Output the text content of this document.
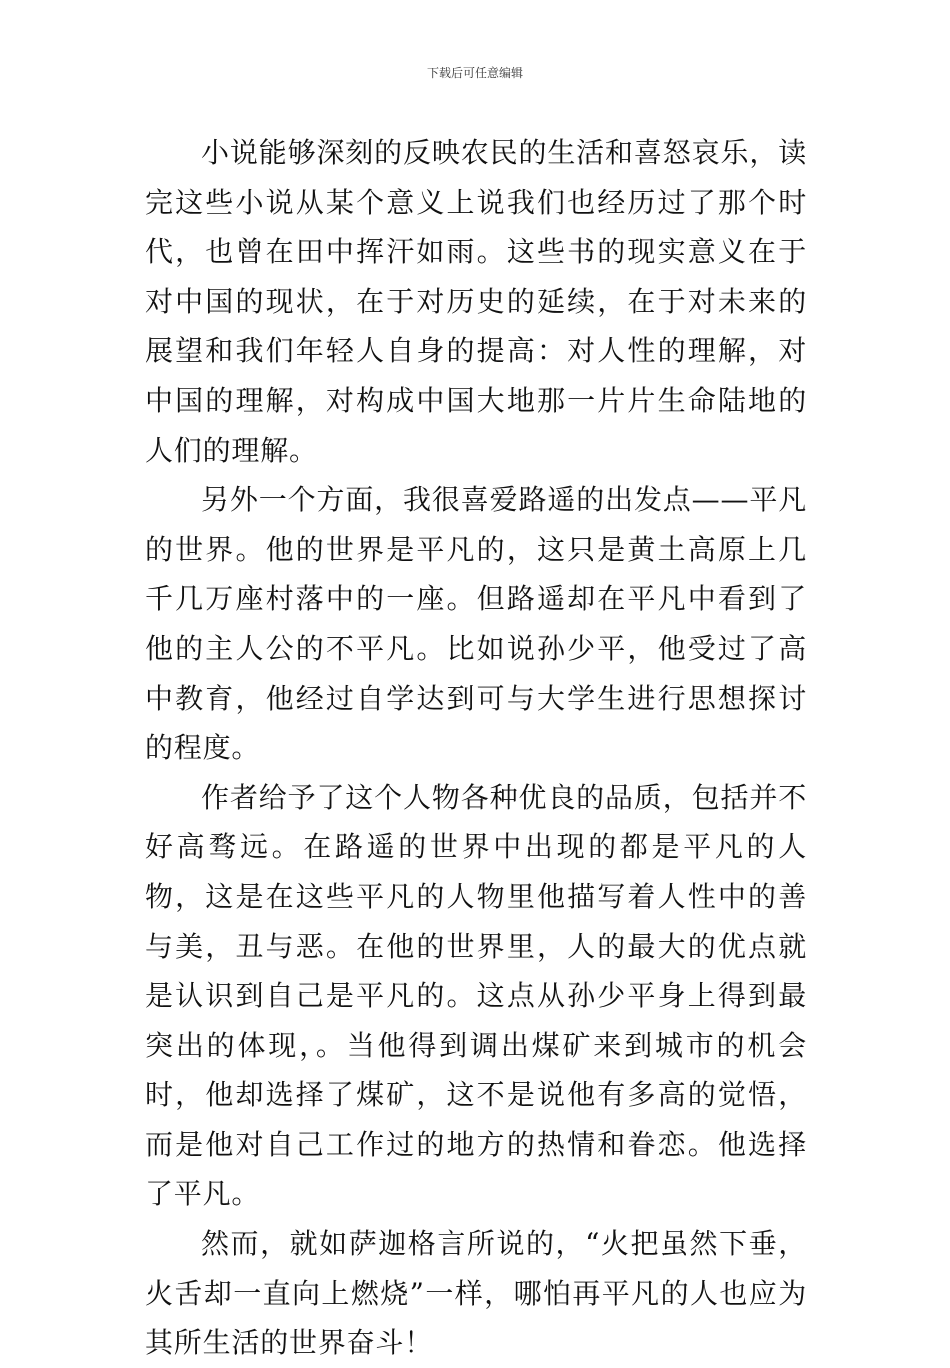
下载后可任意编辑

小说能够深刻的反映农民的生活和喜怒哀乐，读完这些小说从某个意义上说我们也经历过了那个时代，也曾在田中挥汗如雨。这些书的现实意义在于对中国的现状，在于对历史的延续，在于对未来的展望和我们年轻人自身的提高：对人性的理解，对中国的理解，对构成中国大地那一片片生命陆地的人们的理解。

另外一个方面，我很喜爱路遥的出发点——平凡的世界。他的世界是平凡的，这只是黄土高原上几千几万座村落中的一座。但路遥却在平凡中看到了他的主人公的不平凡。比如说孙少平，他受过了高中教育，他经过自学达到可与大学生进行思想探讨的程度。

作者给予了这个人物各种优良的品质，包括并不好高骛远。在路遥的世界中出现的都是平凡的人物，这是在这些平凡的人物里他描写着人性中的善与美，丑与恶。在他的世界里，人的最大的优点就是认识到自己是平凡的。这点从孙少平身上得到最突出的体现，。当他得到调出煤矿来到城市的机会时，他却选择了煤矿，这不是说他有多高的觉悟，而是他对自己工作过的地方的热情和眷恋。他选择了平凡。

然而，就如萨迦格言所说的，“火把虽然下垂，火舌却一直向上燃烧”一样，哪怕再平凡的人也应为其所生活的世界奋斗！
